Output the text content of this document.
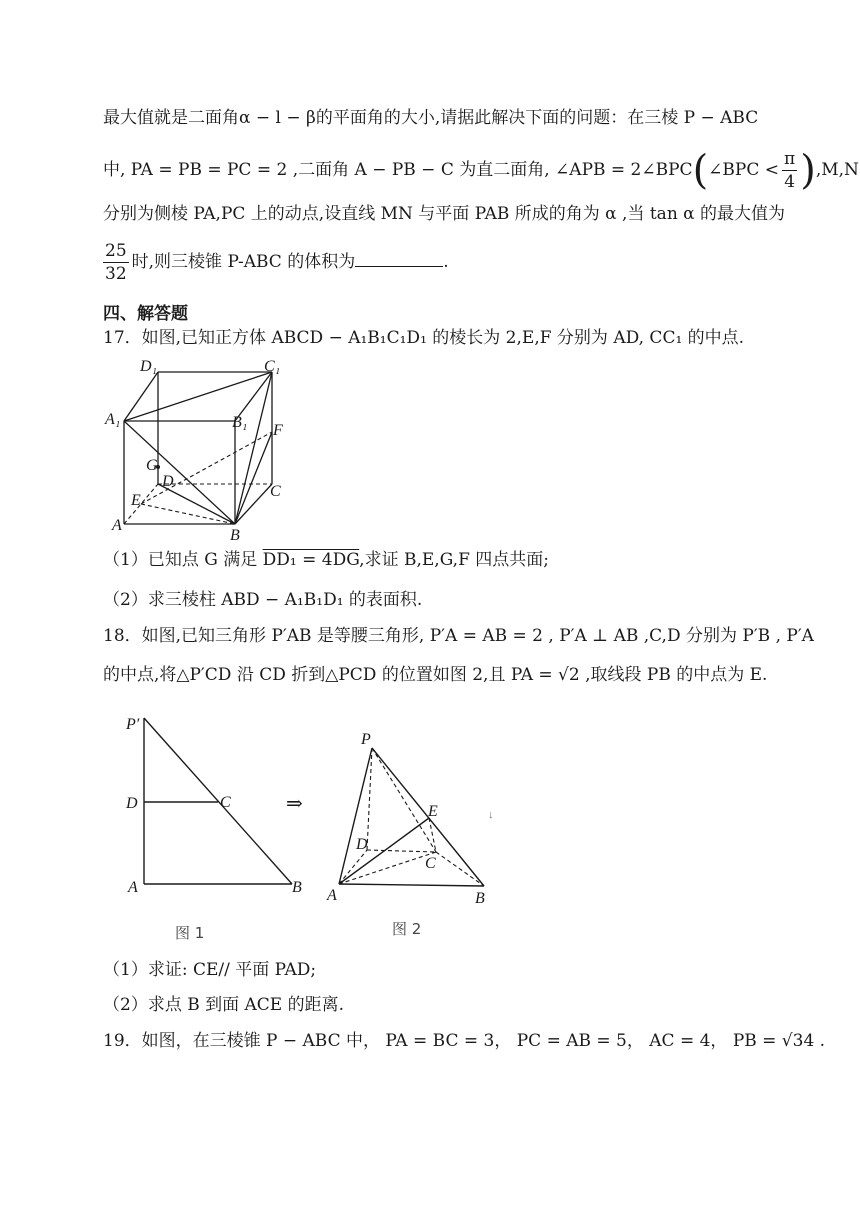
最大值就是二面角α − l − β的平面角的大小,请据此解决下面的问题：在三棱 P − ABC
中, PA = PB = PC = 2 ,二面角 A − PB − C 为直二面角, ∠APB = 2∠BPC(∠BPC < $\frac{\pi}{4} ),M,N$
分别为侧棱 PA,PC 上的动点,设直线 MN 与平面 PAB 所成的角为 α ,当 tan α 的最大值为
$\frac{25}{32}$ 时,则三棱锥 P-ABC 的体积为	.
四、解答题
17．如图,已知正方体 ABCD − A₁B₁C₁D₁ 的棱长为 2,E,F 分别为 AD, CC₁ 的中点.
D₁	C₁
A₁	B₁ F
G
D
C
E
A
B
（1）已知点 G 满足 DD₁ = 4DG,求证 B,E,G,F 四点共面;
（2）求三棱柱 ABD − A₁B₁D₁ 的表面积.
18．如图,已知三角形 P′AB 是等腰三角形, P′A = AB = 2 , P′A ⊥ AB ,C,D 分别为 P′B , P′A
的中点,将△P′CD 沿 CD 折到△PCD 的位置如图 2,且 PA = √2 ,取线段 PB 的中点为 E.
P′
D	C
A	B
图 1
⇒
P
E
D
C
A	B
图 2
↓
（1）求证: CE// 平面 PAD;
（2）求点 B 到面 ACE 的距离.
19．如图，在三棱锥 P − ABC 中， PA = BC = 3， PC = AB = 5， AC = 4， PB = √34 .
